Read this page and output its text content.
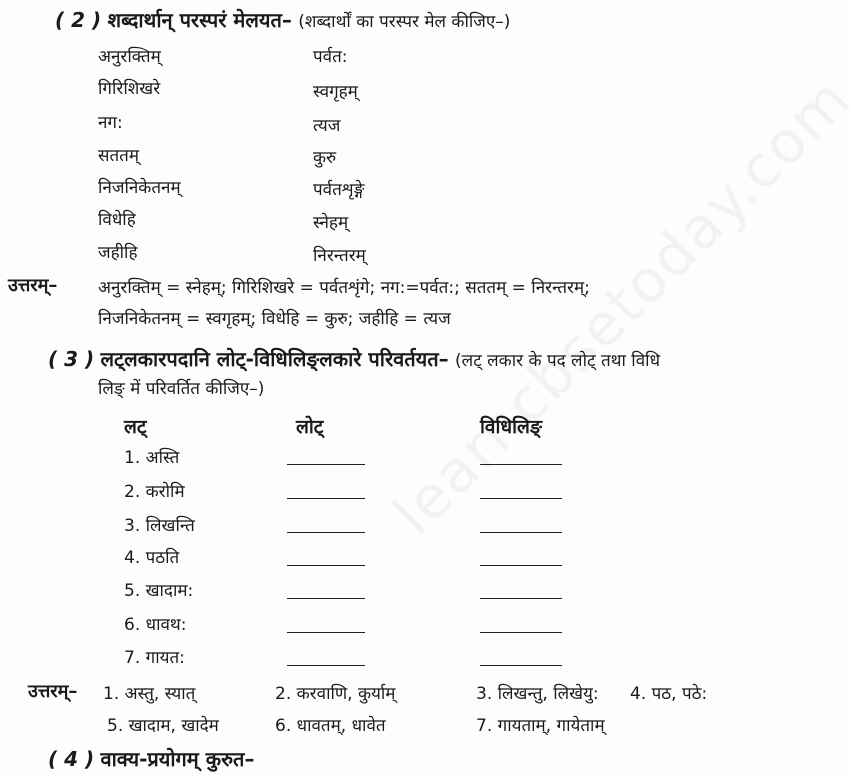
( 2 ) शब्दार्थान् परस्परं मेलयत– (शब्दार्थों का परस्पर मेल कीजिए–)
अनुरक्तिम्	पर्वत:
गिरिशिखरे	स्वगृहम्
नग:	त्यज
सततम्	कुरु
निजनिकेतनम्	पर्वतशृङ्गे
विधेहि	स्नेहम्
जहीहि	निरन्तरम्
उत्तरम्– अनुरक्तिम् = स्नेहम्; गिरिशिखरे = पर्वतशृंगे; नग:=पर्वत:; सततम् = निरन्तरम्;
निजनिकेतनम् = स्वगृहम्; विधेहि = कुरु; जहीहि = त्यज
( 3 ) लट्लकारपदानि लोट्-विधिलिङ्लकारे परिवर्तयत– (लट् लकार के पद लोट् तथा विधि
लिङ् में परिवर्तित कीजिए–)
लट्	लोट्	विधिलिङ्
1. अस्ति
2. करोमि
3. लिखन्ति
4. पठति
5. खादाम:
6. धावथ:
7. गायत:
उत्तरम्– 1. अस्तु, स्यात्	2. करवाणि, कुर्याम्	3. लिखन्तु, लिखेयु: 4. पठ, पठे:
5. खादाम, खादेम	6. धावतम्, धावेत	7. गायताम्, गायेताम्
( 4 ) वाक्य-प्रयोगम् कुरुत–
